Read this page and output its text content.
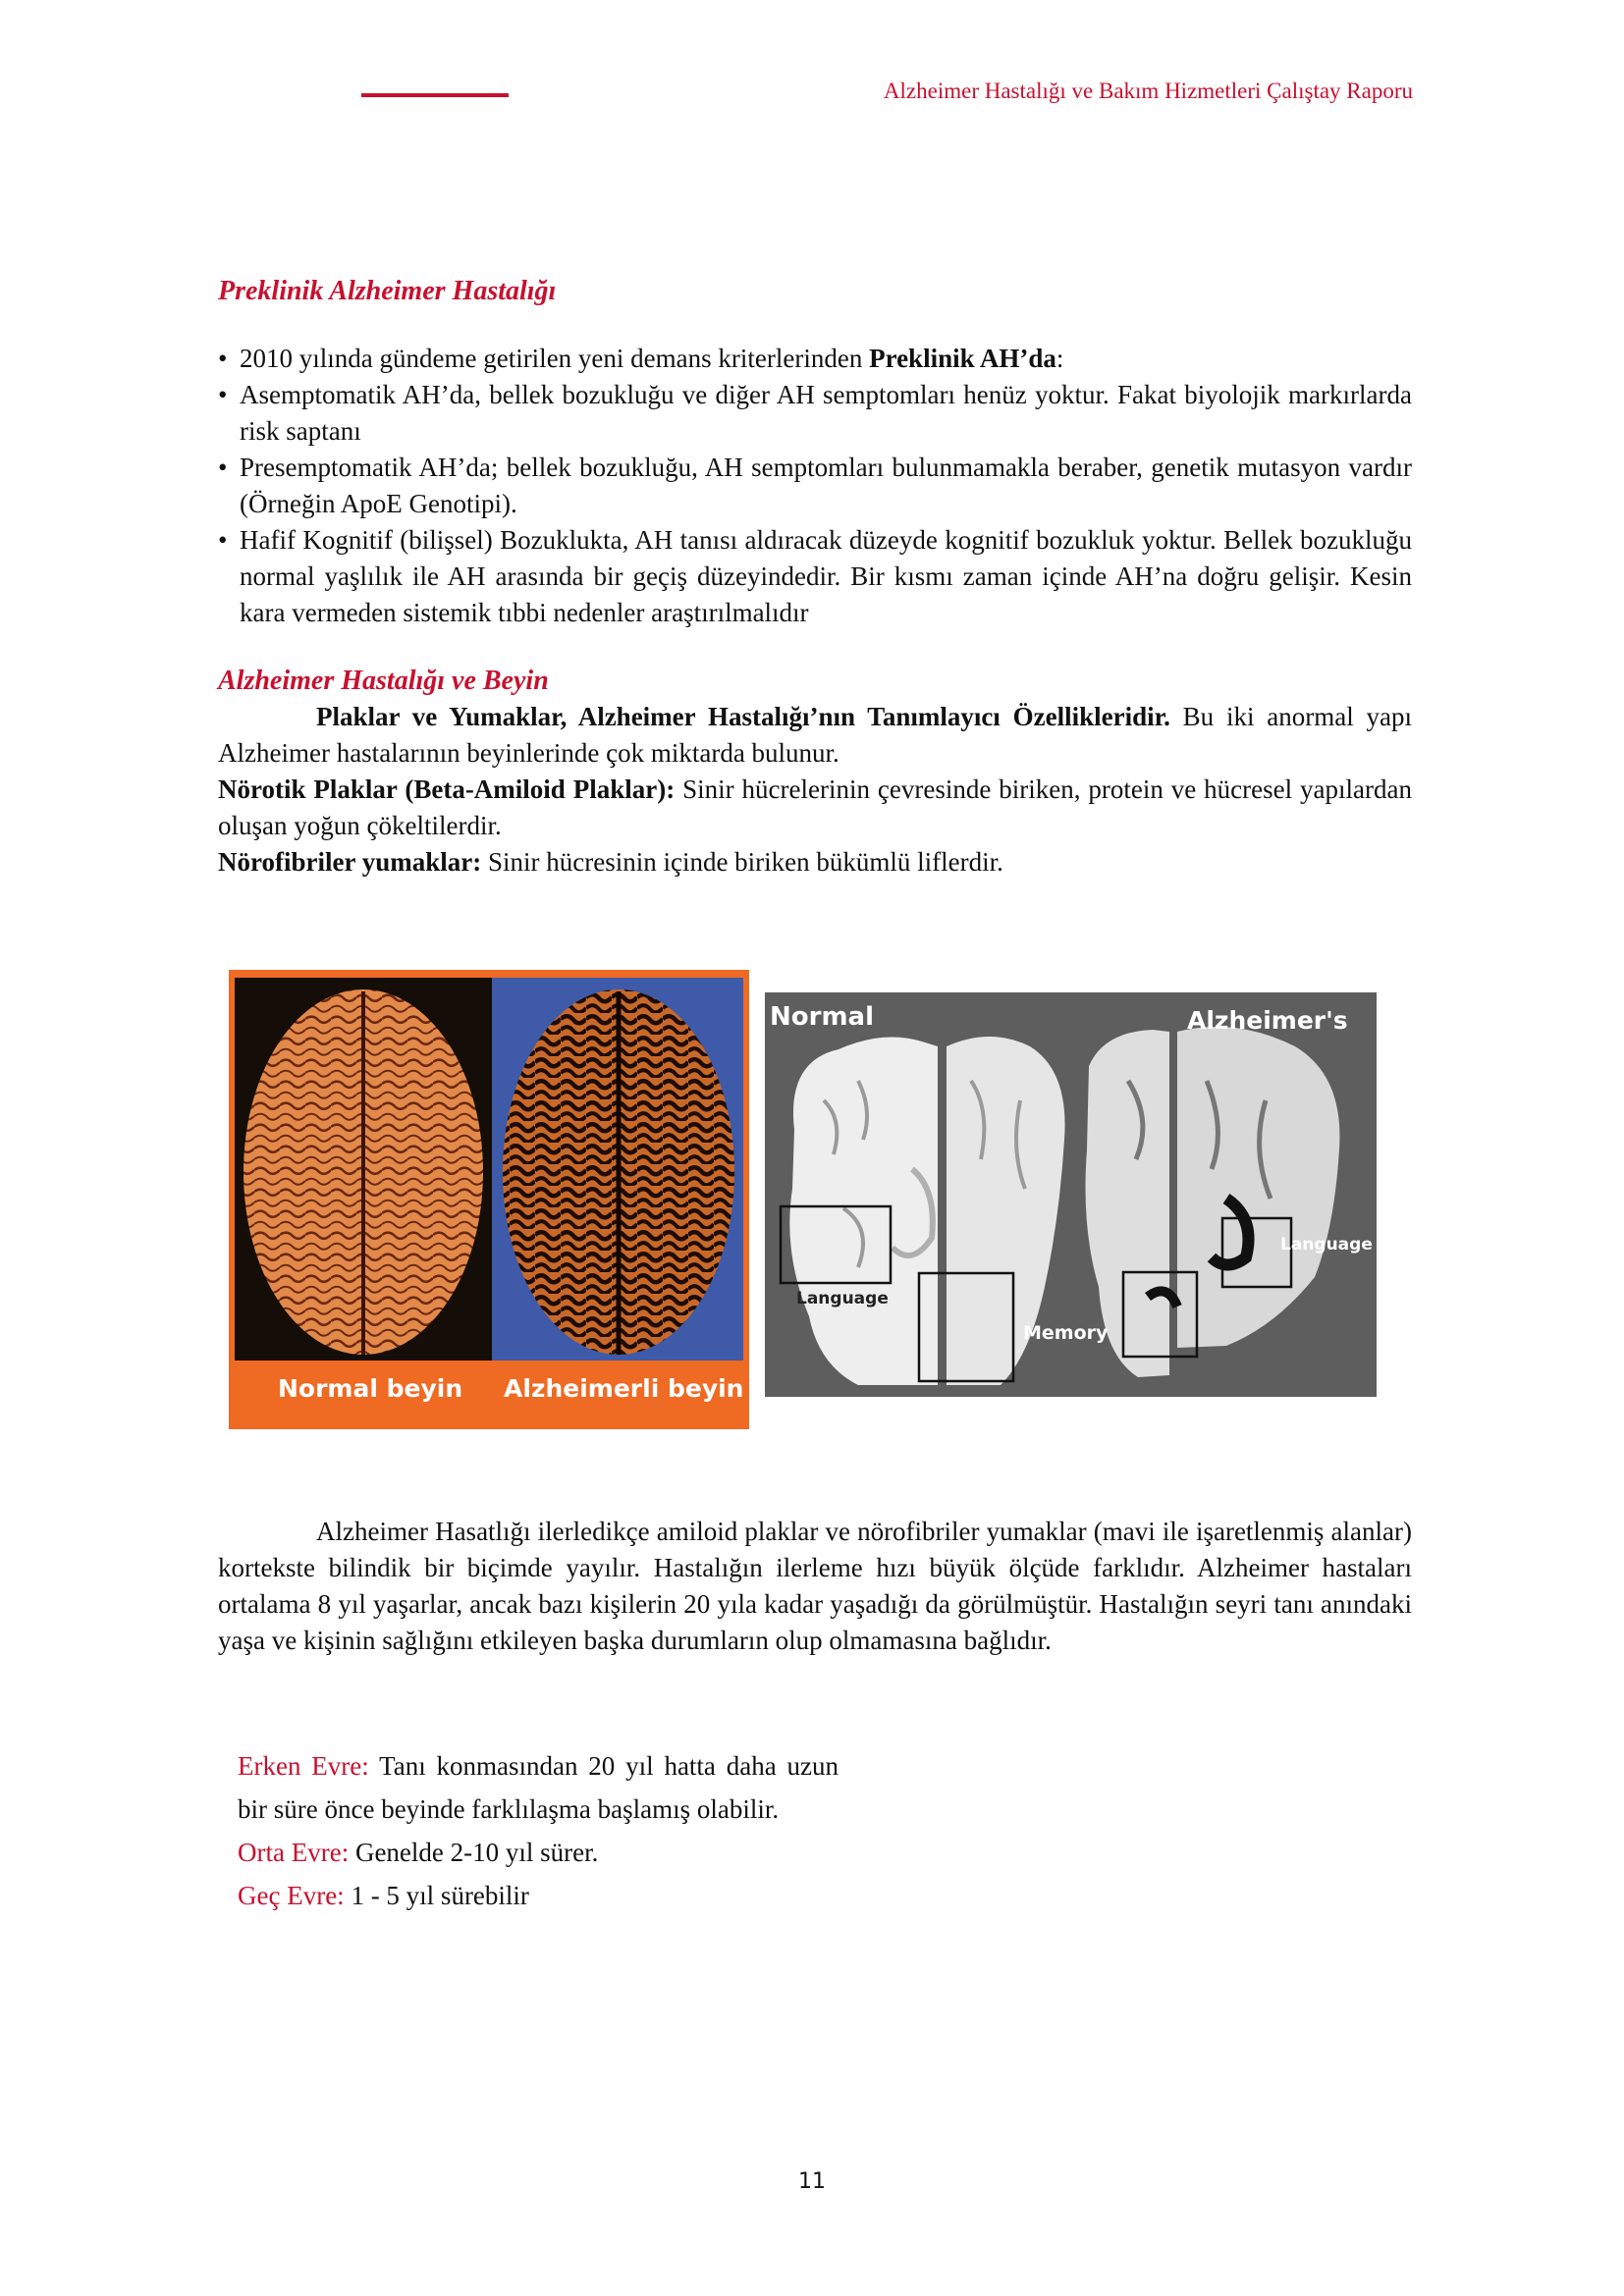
Alzheimer Hastalığı ve Bakım Hizmetleri Çalıştay Raporu
Preklinik Alzheimer Hastalığı
• 2010 yılında gündeme getirilen yeni demans kriterlerinden Preklinik AH’da:
• Asemptomatik AH’da, bellek bozukluğu ve diğer AH semptomları henüz yoktur. Fakat biyolojik markırlarda risk saptanı
• Presemptomatik AH’da; bellek bozukluğu, AH semptomları bulunmamakla beraber, genetik mutasyon vardır (Örneğin ApoE Genotipi).
• Hafif Kognitif (bilişsel) Bozuklukta, AH tanısı aldıracak düzeyde kognitif bozukluk yoktur. Bellek bozukluğu normal yaşlılık ile AH arasında bir geçiş düzeyindedir. Bir kısmı zaman içinde AH’na doğru gelişir. Kesin kara vermeden sistemik tıbbi nedenler araştırılmalıdır
Alzheimer Hastalığı ve Beyin
Plaklar ve Yumaklar, Alzheimer Hastalığı’nın Tanımlayıcı Özellikleridir. Bu iki anormal yapı Alzheimer hastalarının beyinlerinde çok miktarda bulunur.
Nörotik Plaklar (Beta-Amiloid Plaklar): Sinir hücrelerinin çevresinde biriken, protein ve hücresel yapılardan oluşan yoğun çökeltilerdir.
Nörofibriler yumaklar: Sinir hücresinin içinde biriken bükümlü liflerdir.
Normal beyin Alzheimerli beyin
Normal	Alzheimer's
Language
Language
Memory
Alzheimer Hasatlığı ilerledikçe amiloid plaklar ve nörofibriler yumaklar (mavi ile işaretlenmiş alanlar) kortekste bilindik bir biçimde yayılır. Hastalığın ilerleme hızı büyük ölçüde farklıdır. Alzheimer hastaları ortalama 8 yıl yaşarlar, ancak bazı kişilerin 20 yıla kadar yaşadığı da görülmüştür. Hastalığın seyri tanı anındaki yaşa ve kişinin sağlığını etkileyen başka durumların olup olmamasına bağlıdır.
Erken Evre: Tanı konmasından 20 yıl hatta daha uzun bir süre önce beyinde farklılaşma başlamış olabilir.
Orta Evre: Genelde 2-10 yıl sürer.
Geç Evre: 1 - 5 yıl sürebilir
11
